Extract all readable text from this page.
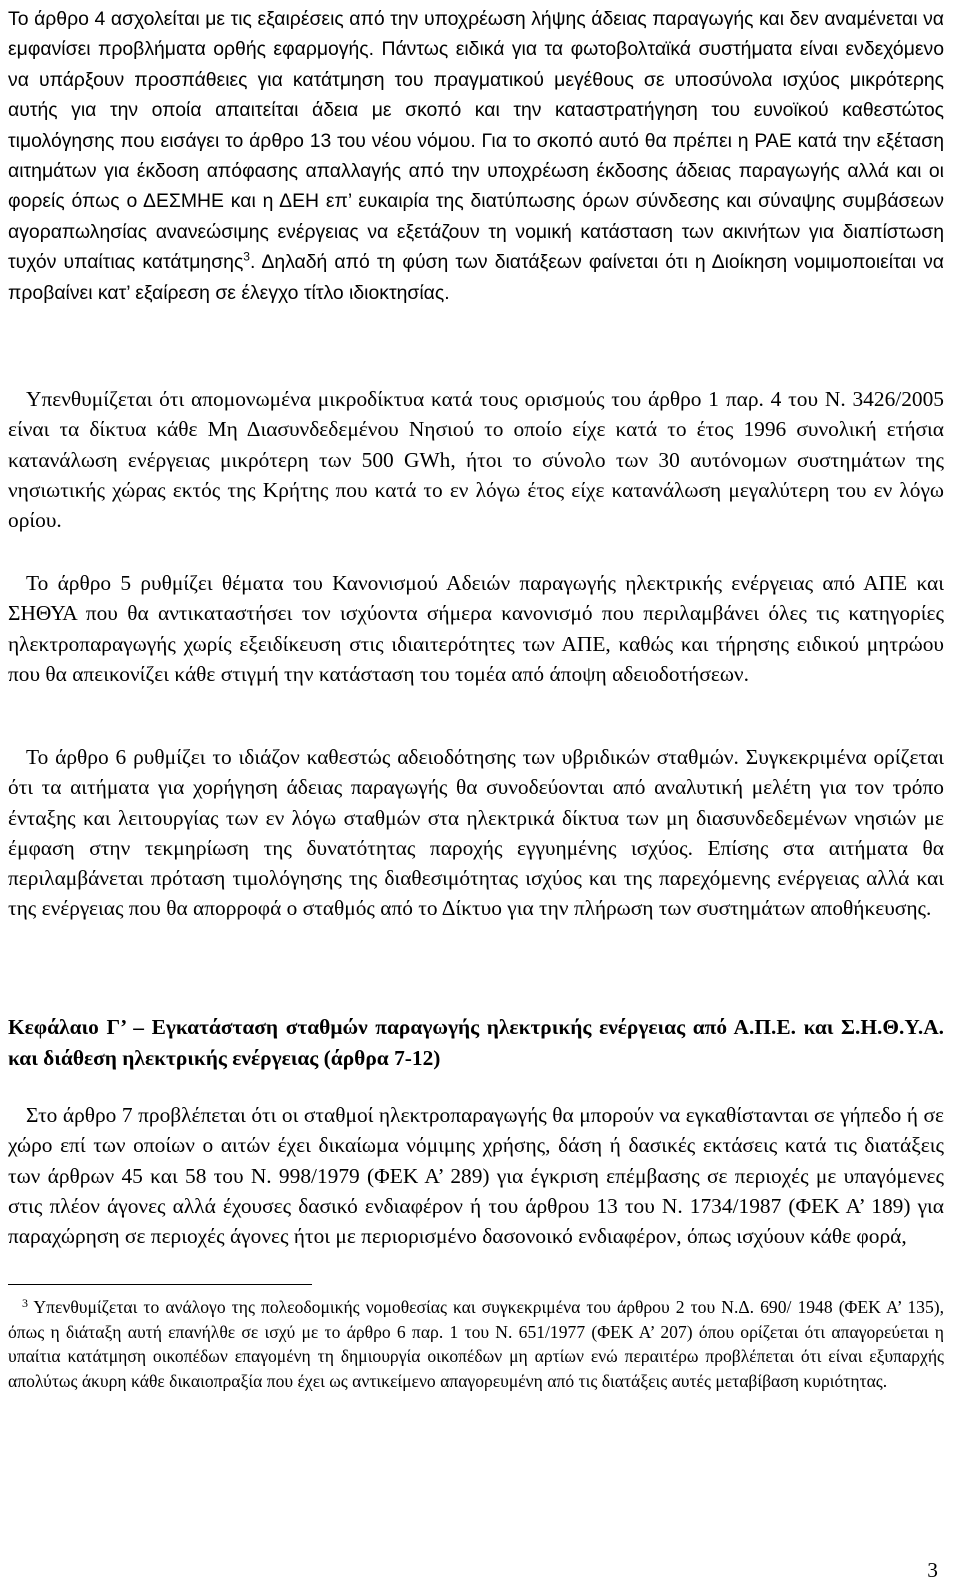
Το άρθρο 4 ασχολείται με τις εξαιρέσεις από την υποχρέωση λήψης άδειας παραγωγής και δεν αναμένεται να εμφανίσει προβλήματα ορθής εφαρμογής. Πάντως ειδικά για τα φωτοβολταϊκά συστήματα είναι ενδεχόμενο να υπάρξουν προσπάθειες για κατάτμηση του πραγματικού μεγέθους σε υποσύνολα ισχύος μικρότερης αυτής για την οποία απαιτείται άδεια με σκοπό και την καταστρατήγηση του ευνοϊκού καθεστώτος τιμολόγησης που εισάγει το άρθρο 13 του νέου νόμου. Για το σκοπό αυτό θα πρέπει η ΡΑΕ κατά την εξέταση αιτημάτων για έκδοση απόφασης απαλλαγής από την υποχρέωση έκδοσης άδειας παραγωγής αλλά και οι φορείς όπως ο ΔΕΣΜΗΕ και η ΔΕΗ επ’ ευκαιρία της διατύπωσης όρων σύνδεσης και σύναψης συμβάσεων αγοραπωλησίας ανανεώσιμης ενέργειας να εξετάζουν τη νομική κατάσταση των ακινήτων για διαπίστωση τυχόν υπαίτιας κατάτμησης$^3$. Δηλαδή από τη φύση των διατάξεων φαίνεται ότι η Διοίκηση νομιμοποιείται να προβαίνει κατ’ εξαίρεση σε έλεγχο τίτλο ιδιοκτησίας.

Υπενθυμίζεται ότι απομονωμένα μικροδίκτυα κατά τους ορισμούς του άρθρο 1 παρ. 4 του Ν. 3426/2005 είναι τα δίκτυα κάθε Μη Διασυνδεδεμένου Νησιού το οποίο είχε κατά το έτος 1996 συνολική ετήσια κατανάλωση ενέργειας μικρότερη των 500 GWh, ήτοι το σύνολο των 30 αυτόνομων συστημάτων της νησιωτικής χώρας εκτός της Κρήτης που κατά το εν λόγω έτος είχε κατανάλωση μεγαλύτερη του εν λόγω ορίου.

Το άρθρο 5 ρυθμίζει θέματα του Κανονισμού Αδειών παραγωγής ηλεκτρικής ενέργειας από ΑΠΕ και ΣΗΘΥΑ που θα αντικαταστήσει τον ισχύοντα σήμερα κανονισμό που περιλαμβάνει όλες τις κατηγορίες ηλεκτροπαραγωγής χωρίς εξειδίκευση στις ιδιαιτερότητες των ΑΠΕ, καθώς και τήρησης ειδικού μητρώου που θα απεικονίζει κάθε στιγμή την κατάσταση του τομέα από άποψη αδειοδοτήσεων.

Το άρθρο 6 ρυθμίζει το ιδιάζον καθεστώς αδειοδότησης των υβριδικών σταθμών. Συγκεκριμένα ορίζεται ότι τα αιτήματα για χορήγηση άδειας παραγωγής θα συνοδεύονται από αναλυτική μελέτη για τον τρόπο ένταξης και λειτουργίας των εν λόγω σταθμών στα ηλεκτρικά δίκτυα των μη διασυνδεδεμένων νησιών με έμφαση στην τεκμηρίωση της δυνατότητας παροχής εγγυημένης ισχύος. Επίσης στα αιτήματα θα περιλαμβάνεται πρόταση τιμολόγησης της διαθεσιμότητας ισχύος και της παρεχόμενης ενέργειας αλλά και της ενέργειας που θα απορροφά ο σταθμός από το Δίκτυο για την πλήρωση των συστημάτων αποθήκευσης.

Κεφάλαιο Γ’ – Εγκατάσταση σταθμών παραγωγής ηλεκτρικής ενέργειας από Α.Π.Ε. και Σ.Η.Θ.Υ.Α. και διάθεση ηλεκτρικής ενέργειας (άρθρα 7-12)

Στο άρθρο 7 προβλέπεται ότι οι σταθμοί ηλεκτροπαραγωγής θα μπορούν να εγκαθίστανται σε γήπεδο ή σε χώρο επί των οποίων ο αιτών έχει δικαίωμα νόμιμης χρήσης, δάση ή δασικές εκτάσεις κατά τις διατάξεις των άρθρων 45 και 58 του Ν. 998/1979 (ΦΕΚ Α’ 289) για έγκριση επέμβασης σε περιοχές με υπαγόμενες στις πλέον άγονες αλλά έχουσες δασικό ενδιαφέρον ή του άρθρου 13 του Ν. 1734/1987 (ΦΕΚ Α’ 189) για παραχώρηση σε περιοχές άγονες ήτοι με περιορισμένο δασονοικό ενδιαφέρον, όπως ισχύουν κάθε φορά,

$^3$ Υπενθυμίζεται το ανάλογο της πολεοδομικής νομοθεσίας και συγκεκριμένα του άρθρου 2 του Ν.Δ. 690/ 1948 (ΦΕΚ Α’ 135), όπως η διάταξη αυτή επανήλθε σε ισχύ με το άρθρο 6 παρ. 1 του Ν. 651/1977 (ΦΕΚ Α’ 207) όπου ορίζεται ότι απαγορεύεται η υπαίτια κατάτμηση οικοπέδων επαγομένη τη δημιουργία οικοπέδων μη αρτίων ενώ περαιτέρω προβλέπεται ότι είναι εξυπαρχής απολύτως άκυρη κάθε δικαιοπραξία που έχει ως αντικείμενο απαγορευμένη από τις διατάξεις αυτές μεταβίβαση κυριότητας.

3
